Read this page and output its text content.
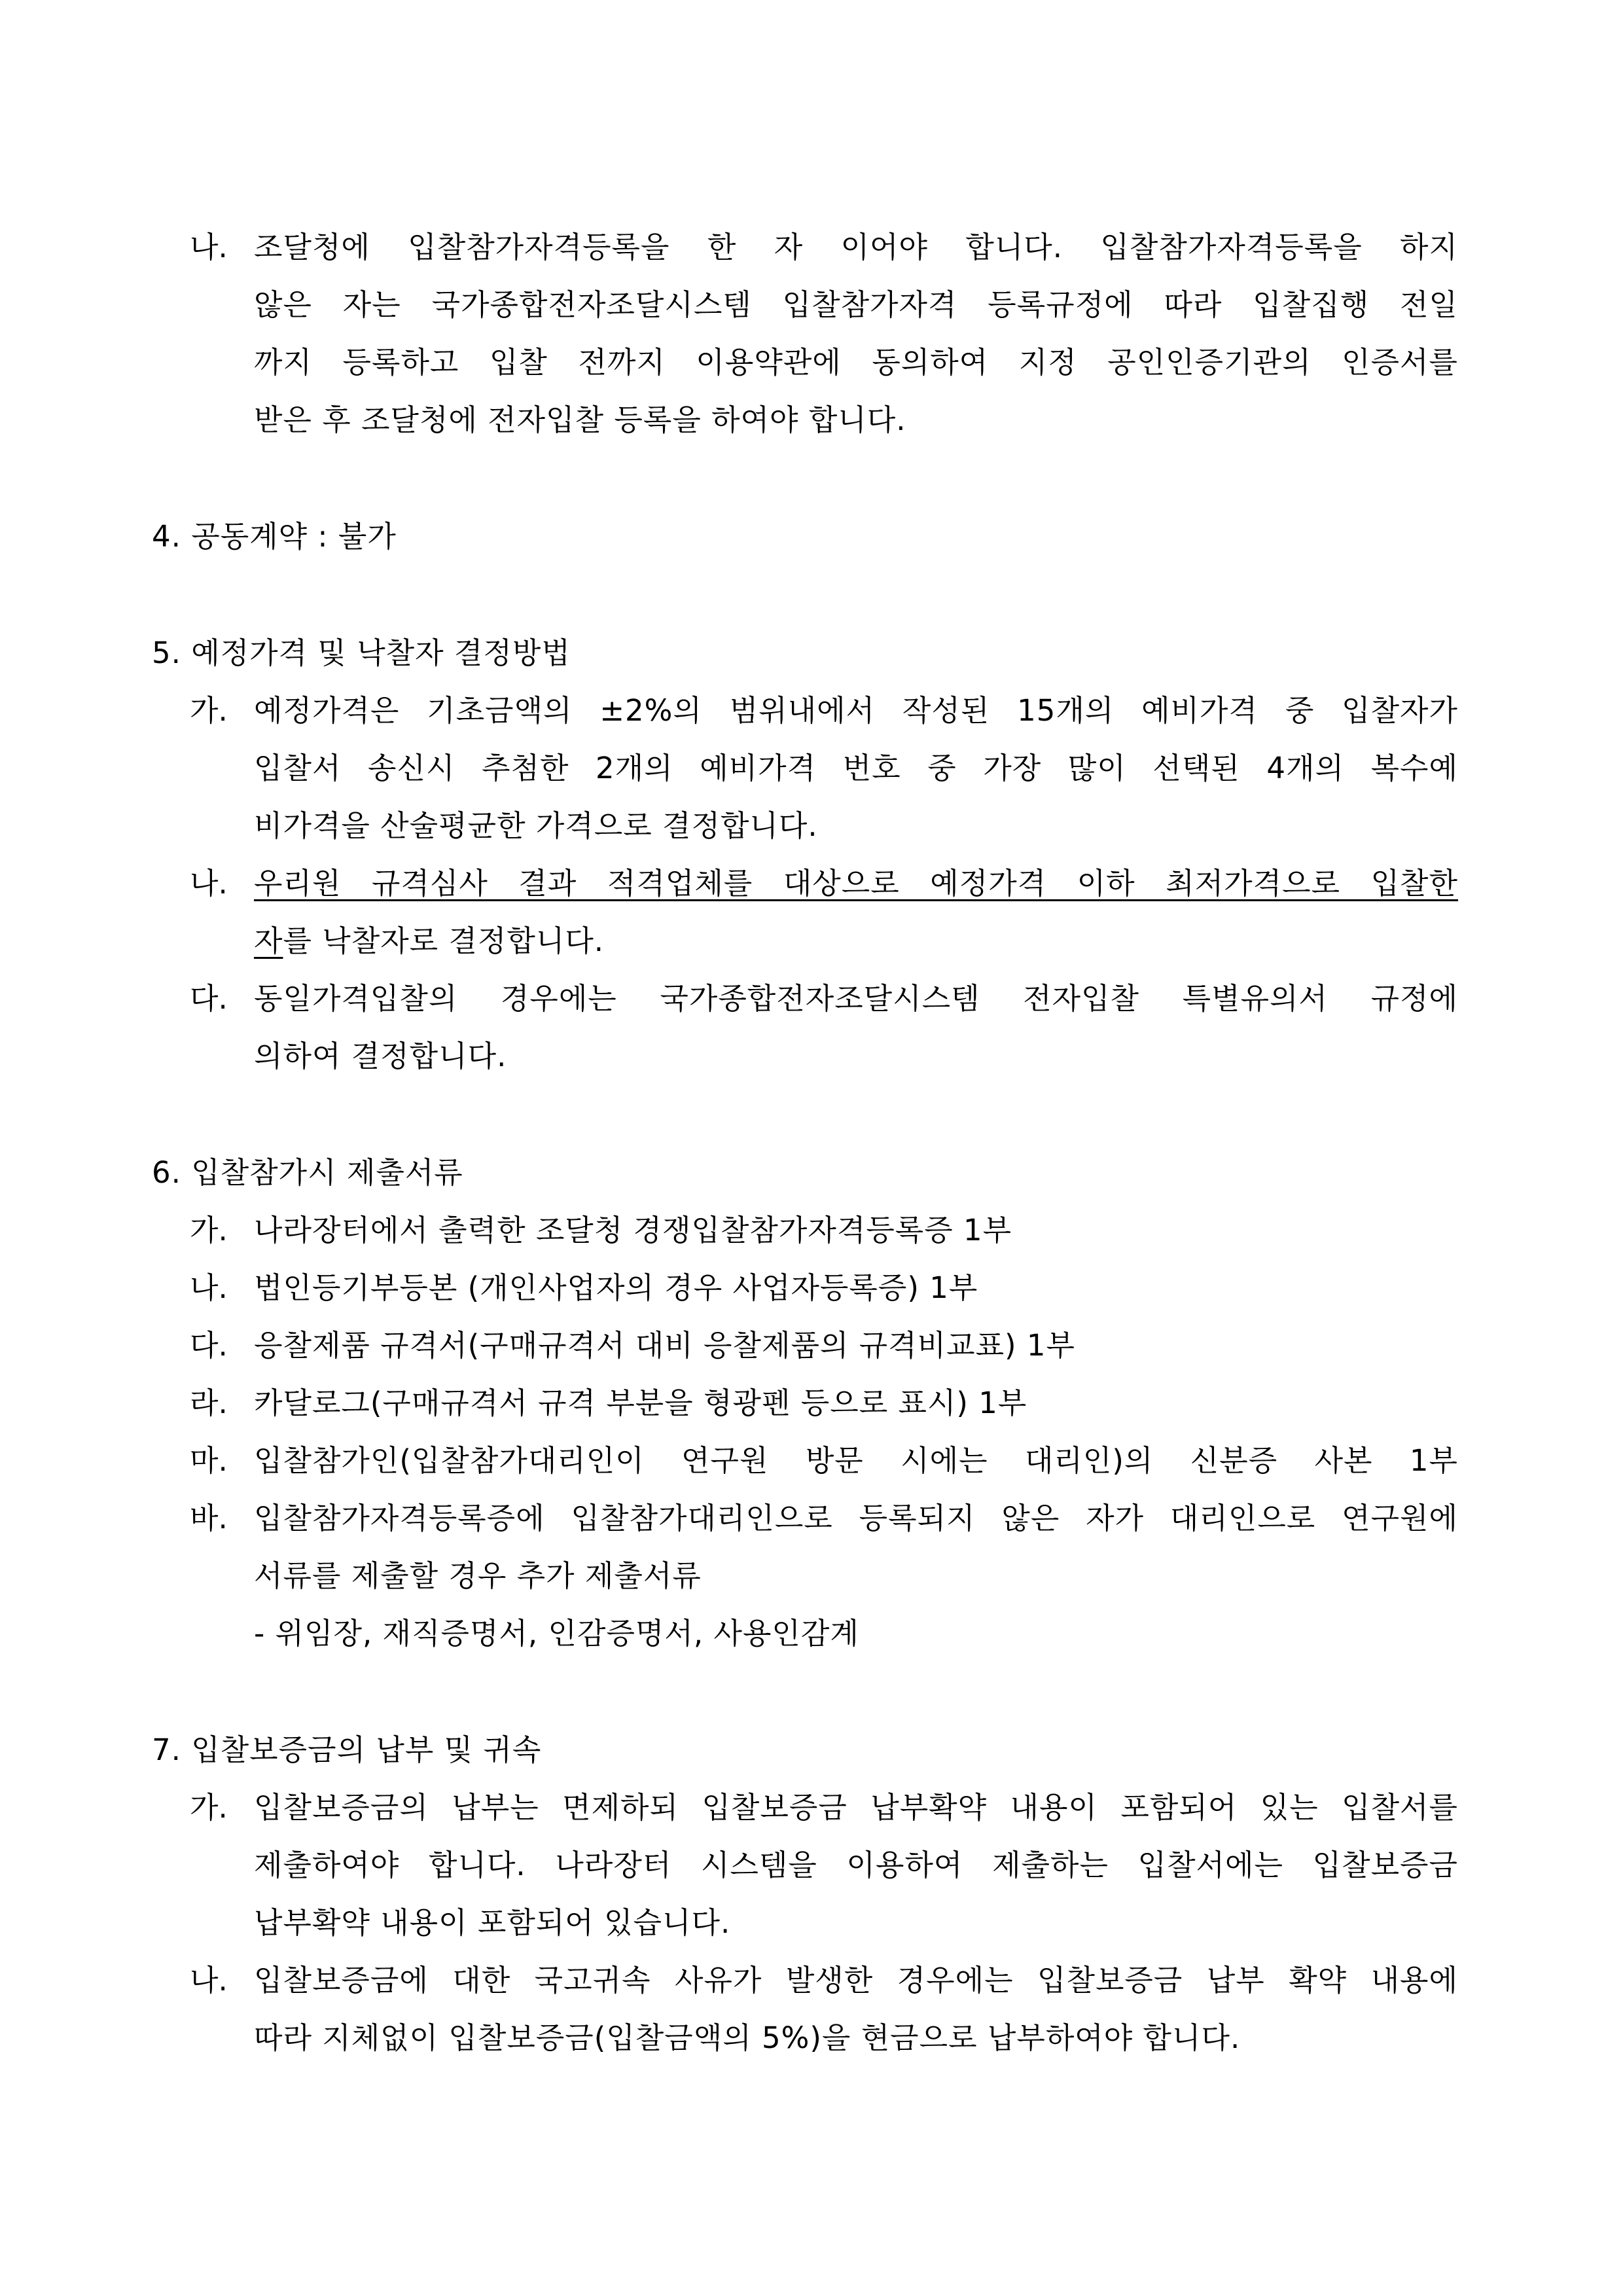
나. 조달청에 입찰참가자격등록을 한 자 이어야 합니다. 입찰참가자격등록을 하지
않은 자는 국가종합전자조달시스템 입찰참가자격 등록규정에 따라 입찰집행 전일
까지 등록하고 입찰 전까지 이용약관에 동의하여 지정 공인인증기관의 인증서를
받은 후 조달청에 전자입찰 등록을 하여야 합니다.
4. 공동계약 : 불가
5. 예정가격 및 낙찰자 결정방법
가. 예정가격은 기초금액의 ±2%의 범위내에서 작성된 15개의 예비가격 중 입찰자가
입찰서 송신시 추첨한 2개의 예비가격 번호 중 가장 많이 선택된 4개의 복수예
비가격을 산술평균한 가격으로 결정합니다.
나. 우리원 규격심사 결과 적격업체를 대상으로 예정가격 이하 최저가격으로 입찰한
자를 낙찰자로 결정합니다.
다. 동일가격입찰의 경우에는 국가종합전자조달시스템 전자입찰 특별유의서 규정에
의하여 결정합니다.
6. 입찰참가시 제출서류
가. 나라장터에서 출력한 조달청 경쟁입찰참가자격등록증 1부
나. 법인등기부등본 (개인사업자의 경우 사업자등록증) 1부
다. 응찰제품 규격서(구매규격서 대비 응찰제품의 규격비교표) 1부
라. 카달로그(구매규격서 규격 부분을 형광펜 등으로 표시) 1부
마. 입찰참가인(입찰참가대리인이 연구원 방문 시에는 대리인)의 신분증 사본 1부
바. 입찰참가자격등록증에 입찰참가대리인으로 등록되지 않은 자가 대리인으로 연구원에
서류를 제출할 경우 추가 제출서류
- 위임장, 재직증명서, 인감증명서, 사용인감계
7. 입찰보증금의 납부 및 귀속
가. 입찰보증금의 납부는 면제하되 입찰보증금 납부확약 내용이 포함되어 있는 입찰서를
제출하여야 합니다. 나라장터 시스템을 이용하여 제출하는 입찰서에는 입찰보증금
납부확약 내용이 포함되어 있습니다.
나. 입찰보증금에 대한 국고귀속 사유가 발생한 경우에는 입찰보증금 납부 확약 내용에
따라 지체없이 입찰보증금(입찰금액의 5%)을 현금으로 납부하여야 합니다.
